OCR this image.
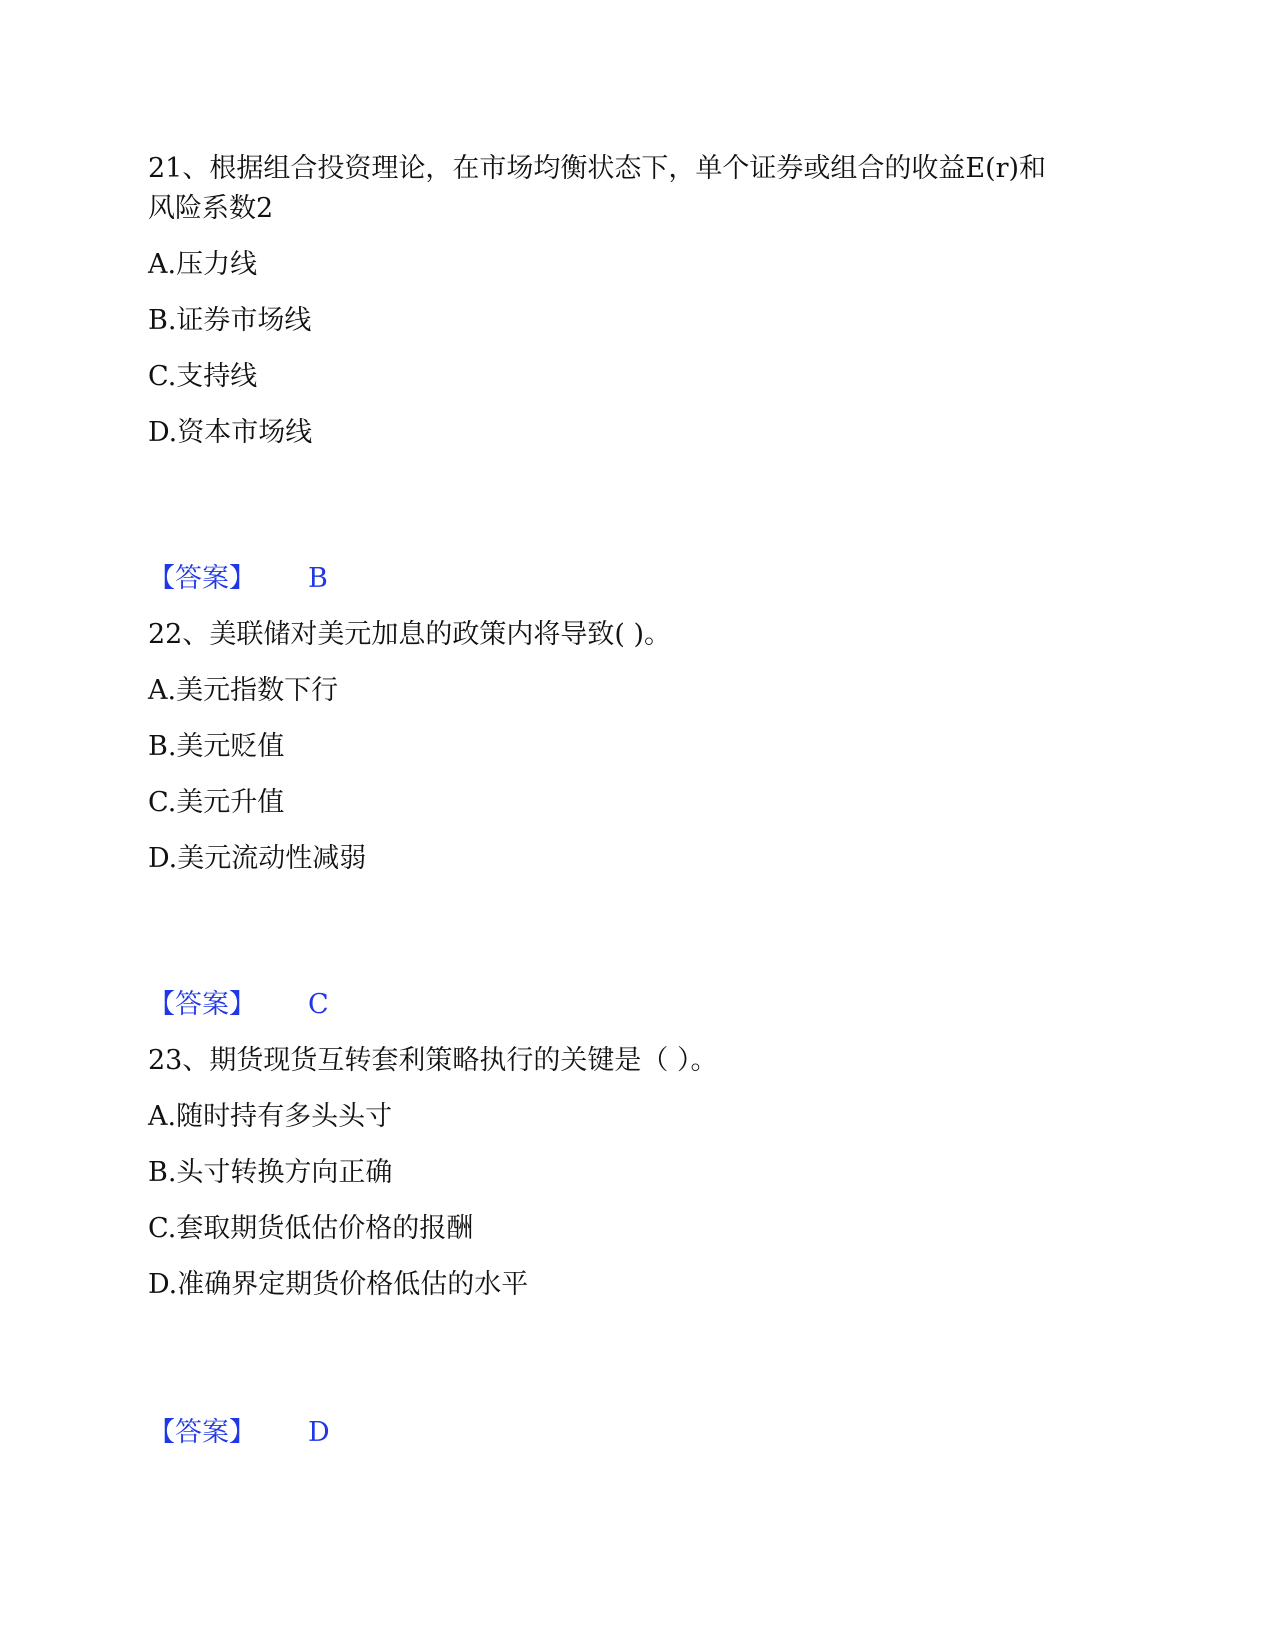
21、根据组合投资理论，在市场均衡状态下，单个证券或组合的收益E(r)和
风险系数2
A.压力线
B.证券市场线
C.支持线
D.资本市场线
【答案】 B
22、美联储对美元加息的政策内将导致( )。
A.美元指数下行
B.美元贬值
C.美元升值
D.美元流动性减弱
【答案】 C
23、期货现货互转套利策略执行的关键是（ ）。
A.随时持有多头头寸
B.头寸转换方向正确
C.套取期货低估价格的报酬
D.准确界定期货价格低估的水平
【答案】 D
